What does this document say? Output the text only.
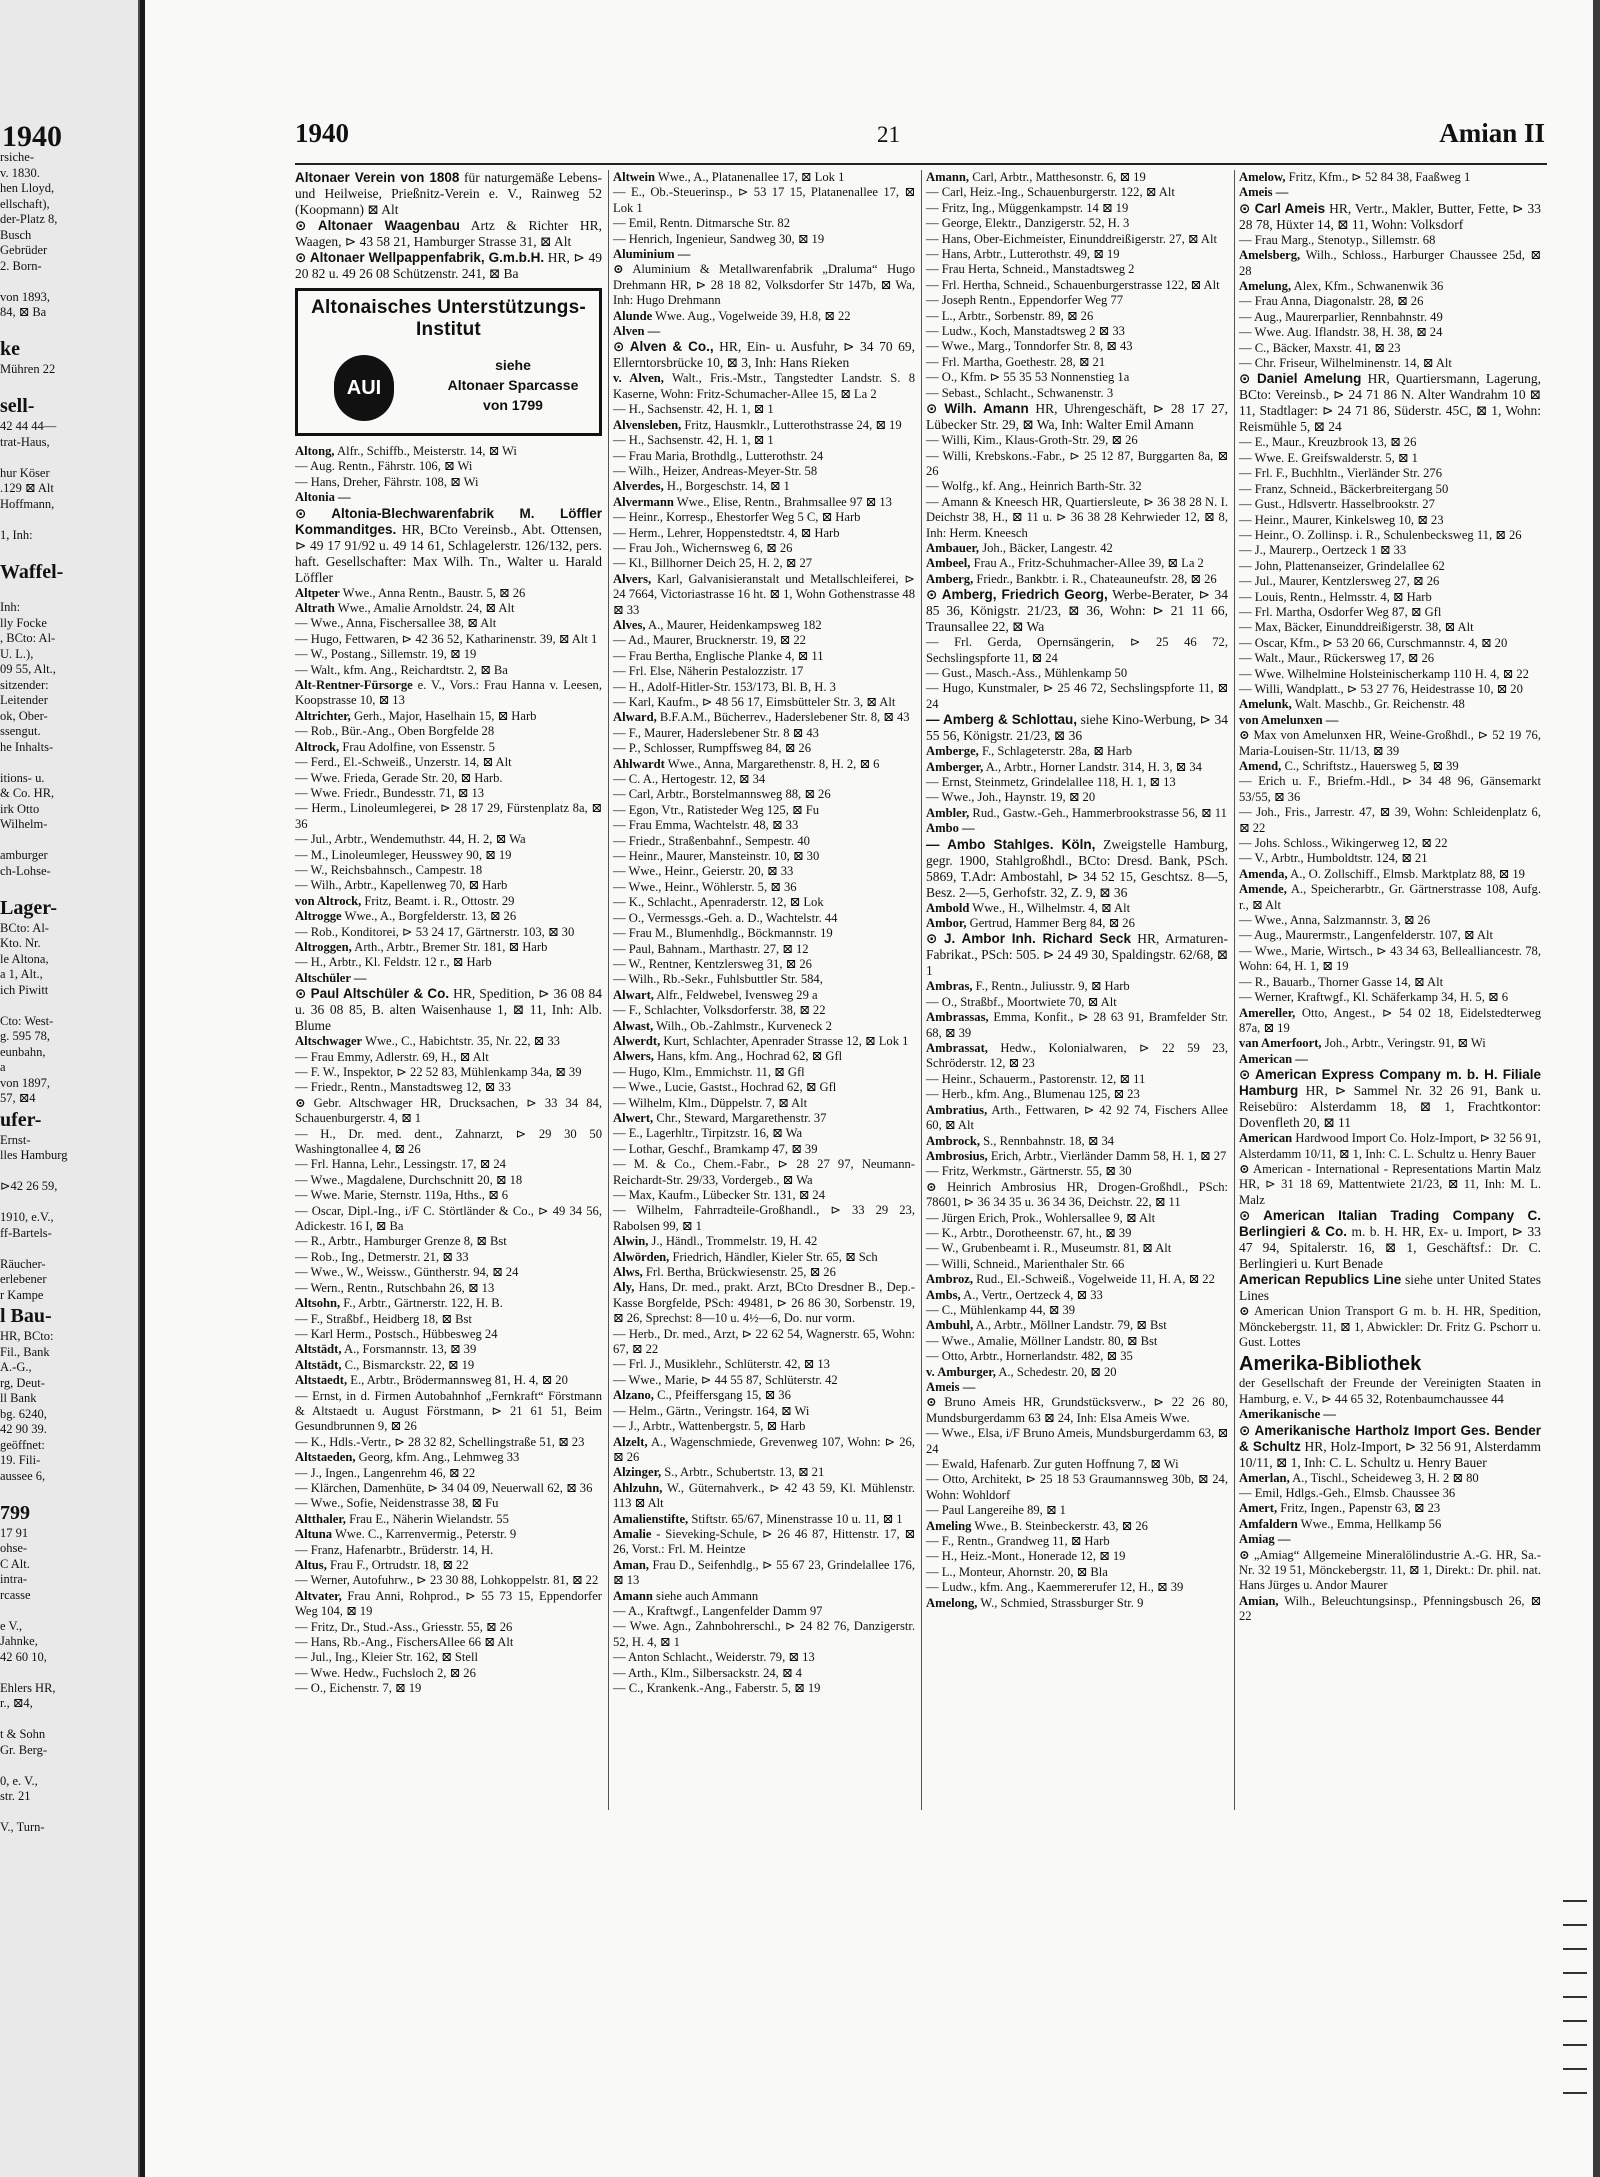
1940
rsiche-
v. 1830.
hen Lloyd,
ellschaft),
der-Platz 8,
Busch
Gebrüder
2. Born-

von 1893,
84, ⊠ Ba

ke
Mühren 22

sell-
42 44 44—
trat-Haus,

hur Köser
.129 ⊠ Alt
Hoffmann,

1, Inh:

Waffel-

Inh:
lly Focke
, BCto: Al-
U. L.),
09 55, Alt.,
sitzender:
Leitender
ok, Ober-
ssengut.
he Inhalts-

itions- u.
& Co. HR,
irk Otto
Wilhelm-

amburger
ch-Lohse-

Lager-
BCto: Al-
Kto. Nr.
le Altona,
a 1, Alt.,
ich Piwitt

Cto: West-
g. 595 78,
eunbahn,
a
von 1897,
57, ⊠4
ufer-
Ernst-
lles Hamburg

⊳42 26 59,

1910, e.V.,
ff-Bartels-

Räucher-
erlebener
r Kampe
l Bau-
HR, BCto:
Fil., Bank
A.-G.,
rg, Deut-
ll Bank
bg. 6240,
42 90 39.
geöffnet:
19. Fili-
aussee 6,

799
17 91
ohse-
C Alt.
intra-
rcasse

e V.,
Jahnke,
42 60 10,

Ehlers HR,
r., ⊠4,

t & Sohn
Gr. Berg-

0, e. V.,
str. 21

V., Turn-
1940	21	Amian II
Altonaer Verein von 1808 für naturgemäße Lebens- und Heilweise, Prießnitz-Verein e. V., Rainweg 52 (Koopmann) ⊠ Alt
⊙ Altonaer Waagenbau Artz & Richter HR, Waagen, ⊳ 43 58 21, Hamburger Strasse 31, ⊠ Alt
⊙ Altonaer Wellpappenfabrik, G.m.b.H. HR, ⊳ 49 20 82 u. 49 26 08 Schützenstr. 241, ⊠ Ba
Altonaisches Unterstützungs-Institut
AUI
siehe
Altonaer Sparcasse
von 1799
Altong, Alfr., Schiffb., Meisterstr. 14, ⊠ Wi
— Aug. Rentn., Fährstr. 106, ⊠ Wi
— Hans, Dreher, Fährstr. 108, ⊠ Wi
Altonia —
⊙ Altonia-Blechwarenfabrik M. Löffler Kommanditges. HR, BCto Vereinsb., Abt. Ottensen, ⊳ 49 17 91/92 u. 49 14 61, Schlagelerstr. 126/132, pers. haft. Gesellschafter: Max Wilh. Tn., Walter u. Harald Löffler
Altpeter Wwe., Anna Rentn., Baustr. 5, ⊠ 26
Altrath Wwe., Amalie Arnoldstr. 24, ⊠ Alt
— Wwe., Anna, Fischersallee 38, ⊠ Alt
— Hugo, Fettwaren, ⊳ 42 36 52, Katharinenstr. 39, ⊠ Alt 1
— W., Postang., Sillemstr. 19, ⊠ 19
— Walt., kfm. Ang., Reichardtstr. 2, ⊠ Ba
Alt-Rentner-Fürsorge e. V., Vors.: Frau Hanna v. Leesen, Koopstrasse 10, ⊠ 13
Altrichter, Gerh., Major, Haselhain 15, ⊠ Harb
— Rob., Bür.-Ang., Oben Borgfelde 28
Altrock, Frau Adolfine, von Essenstr. 5
— Ferd., El.-Schweiß., Unzerstr. 14, ⊠ Alt
— Wwe. Frieda, Gerade Str. 20, ⊠ Harb.
— Wwe. Friedr., Bundesstr. 71, ⊠ 13
— Herm., Linoleumlegerei, ⊳ 28 17 29, Fürstenplatz 8a, ⊠ 36
— Jul., Arbtr., Wendemuthstr. 44, H. 2, ⊠ Wa
— M., Linoleumleger, Heusswey 90, ⊠ 19
— W., Reichsbahnsch., Campestr. 18
— Wilh., Arbtr., Kapellenweg 70, ⊠ Harb
von Altrock, Fritz, Beamt. i. R., Ottostr. 29
Altrogge Wwe., A., Borgfelderstr. 13, ⊠ 26
— Rob., Konditorei, ⊳ 53 24 17, Gärtnerstr. 103, ⊠ 30
Altroggen, Arth., Arbtr., Bremer Str. 181, ⊠ Harb
— H., Arbtr., Kl. Feldstr. 12 r., ⊠ Harb
Altschüler —
⊙ Paul Altschüler & Co. HR, Spedition, ⊳ 36 08 84 u. 36 08 85, B. alten Waisenhause 1, ⊠ 11, Inh: Alb. Blume
Altschwager Wwe., C., Habichtstr. 35, Nr. 22, ⊠ 33
— Frau Emmy, Adlerstr. 69, H., ⊠ Alt
— F. W., Inspektor, ⊳ 22 52 83, Mühlenkamp 34a, ⊠ 39
— Friedr., Rentn., Manstadtsweg 12, ⊠ 33
⊙ Gebr. Altschwager HR, Drucksachen, ⊳ 33 34 84, Schauenburgerstr. 4, ⊠ 1
— H., Dr. med. dent., Zahnarzt, ⊳ 29 30 50 Washingtonallee 4, ⊠ 26
— Frl. Hanna, Lehr., Lessingstr. 17, ⊠ 24
— Wwe., Magdalene, Durchschnitt 20, ⊠ 18
— Wwe. Marie, Sternstr. 119a, Hths., ⊠ 6
— Oscar, Dipl.-Ing., i/F C. Störtländer & Co., ⊳ 49 34 56, Adickestr. 16 I, ⊠ Ba
— R., Arbtr., Hamburger Grenze 8, ⊠ Bst
— Rob., Ing., Detmerstr. 21, ⊠ 33
— Wwe., W., Weissw., Güntherstr. 94, ⊠ 24
— Wern., Rentn., Rutschbahn 26, ⊠ 13
Altsohn, F., Arbtr., Gärtnerstr. 122, H. B.
— F., Straßbf., Heidberg 18, ⊠ Bst
— Karl Herm., Postsch., Hübbesweg 24
Altstädt, A., Forsmannstr. 13, ⊠ 39
Altstädt, C., Bismarckstr. 22, ⊠ 19
Altstaedt, E., Arbtr., Brödermannsweg 81, H. 4, ⊠ 20
— Ernst, in d. Firmen Autobahnhof „Fernkraft“ Förstmann & Altstaedt u. August Förstmann, ⊳ 21 61 51, Beim Gesundbrunnen 9, ⊠ 26
— K., Hdls.-Vertr., ⊳ 28 32 82, Schellingstraße 51, ⊠ 23
Altstaeden, Georg, kfm. Ang., Lehmweg 33
— J., Ingen., Langenrehm 46, ⊠ 22
— Klärchen, Damenhüte, ⊳ 34 04 09, Neuerwall 62, ⊠ 36
— Wwe., Sofie, Neidenstrasse 38, ⊠ Fu
Altthaler, Frau E., Näherin Wielandstr. 55
Altuna Wwe. C., Karrenvermig., Peterstr. 9
— Franz, Hafenarbtr., Brüderstr. 14, H.
Altus, Frau F., Ortrudstr. 18, ⊠ 22
— Werner, Autofuhrw., ⊳ 23 30 88, Lohkoppelstr. 81, ⊠ 22
Altvater, Frau Anni, Rohprod., ⊳ 55 73 15, Eppendorfer Weg 104, ⊠ 19
— Fritz, Dr., Stud.-Ass., Griesstr. 55, ⊠ 26
— Hans, Rb.-Ang., FischersAllee 66 ⊠ Alt
— Jul., Ing., Kleier Str. 162, ⊠ Stell
— Wwe. Hedw., Fuchsloch 2, ⊠ 26
— O., Eichenstr. 7, ⊠ 19
Altwein Wwe., A., Platanenallee 17, ⊠ Lok 1
— E., Ob.-Steuerinsp., ⊳ 53 17 15, Platanenallee 17, ⊠ Lok 1
— Emil, Rentn. Ditmarsche Str. 82
— Henrich, Ingenieur, Sandweg 30, ⊠ 19
Aluminium —
⊙ Aluminium & Metallwarenfabrik „Dralumа“ Hugo Drehmann HR, ⊳ 28 18 82, Volksdorfer Str 147b, ⊠ Wa, Inh: Hugo Drehmann
Alunde Wwe. Aug., Vogelweide 39, H.8, ⊠ 22
Alven —
⊙ Alven & Co., HR, Ein- u. Ausfuhr, ⊳ 34 70 69, Ellerntorsbrücke 10, ⊠ 3, Inh: Hans Rieken
v. Alven, Walt., Fris.-Mstr., Tangstedter Landstr. S. 8 Kaserne, Wohn: Fritz-Schumacher-Allee 15, ⊠ La 2
— H., Sachsenstr. 42, H. 1, ⊠ 1
Alvensleben, Fritz, Hausmklr., Lutterothstrasse 24, ⊠ 19
— H., Sachsenstr. 42, H. 1, ⊠ 1
— Frau Maria, Brothdlg., Lutterothstr. 24
— Wilh., Heizer, Andreas-Meyer-Str. 58
Alverdes, H., Borgeschstr. 14, ⊠ 1
Alvermann Wwe., Elise, Rentn., Brahmsallee 97 ⊠ 13
— Heinr., Korresp., Ehestorfer Weg 5 C, ⊠ Harb
— Herm., Lehrer, Hoppenstedtstr. 4, ⊠ Harb
— Frau Joh., Wichernsweg 6, ⊠ 26
— Kl., Billhorner Deich 25, H. 2, ⊠ 27
Alvers, Karl, Galvanisieranstalt und Metallschleiferei, ⊳ 24 7664, Victoriastrasse 16 ht. ⊠ 1, Wohn Gothenstrasse 48 ⊠ 33
Alves, A., Maurer, Heidenkampsweg 182
— Ad., Maurer, Brucknerstr. 19, ⊠ 22
— Frau Bertha, Englische Planke 4, ⊠ 11
— Frl. Else, Näherin Pestalozzistr. 17
— H., Adolf-Hitler-Str. 153/173, Bl. B, H. 3
— Karl, Kaufm., ⊳ 48 56 17, Eimsbütteler Str. 3, ⊠ Alt
Alward, B.F.A.M., Bücherrev., Haderslebener Str. 8, ⊠ 43
— F., Maurer, Haderslebener Str. 8 ⊠ 43
— P., Schlosser, Rumpffsweg 84, ⊠ 26
Ahlwardt Wwe., Anna, Margarethenstr. 8, H. 2, ⊠ 6
— C. A., Hertogestr. 12, ⊠ 34
— Carl, Arbtr., Borstelmannsweg 88, ⊠ 26
— Egon, Vtr., Ratisteder Weg 125, ⊠ Fu
— Frau Emma, Wachtelstr. 48, ⊠ 33
— Friedr., Straßenbahnf., Sempestr. 40
— Heinr., Maurer, Mansteinstr. 10, ⊠ 30
— Wwe., Heinr., Geierstr. 20, ⊠ 33
— Wwe., Heinr., Wöhlerstr. 5, ⊠ 36
— K., Schlacht., Apenraderstr. 12, ⊠ Lok
— O., Vermessgs.-Geh. a. D., Wachtelstr. 44
— Frau M., Blumenhdlg., Böckmannstr. 19
— Paul, Bahnam., Marthastr. 27, ⊠ 12
— W., Rentner, Kentzlersweg 31, ⊠ 26
— Wilh., Rb.-Sekr., Fuhlsbuttler Str. 584,
Alwart, Alfr., Feldwebel, Ivensweg 29 a
— F., Schlachter, Volksdorferstr. 38, ⊠ 22
Alwast, Wilh., Ob.-Zahlmstr., Kurveneck 2
Alwerdt, Kurt, Schlachter, Apenrader Strasse 12, ⊠ Lok 1
Alwers, Hans, kfm. Ang., Hochrad 62, ⊠ Gfl
— Hugo, Klm., Emmichstr. 11, ⊠ Gfl
— Wwe., Lucie, Gastst., Hochrad 62, ⊠ Gfl
— Wilhelm, Klm., Düppelstr. 7, ⊠ Alt
Alwert, Chr., Steward, Margarethenstr. 37
— E., Lagerhltr., Tirpitzstr. 16, ⊠ Wa
— Lothar, Geschf., Bramkamp 47, ⊠ 39
— M. & Co., Chem.-Fabr., ⊳ 28 27 97, Neumann-Reichardt-Str. 29/33, Vordergeb., ⊠ Wa
— Max, Kaufm., Lübecker Str. 131, ⊠ 24
— Wilhelm, Fahrradteile-Großhandl., ⊳ 33 29 23, Rabolsen 99, ⊠ 1
Alwin, J., Händl., Trommelstr. 19, H. 42
Alwörden, Friedrich, Händler, Kieler Str. 65, ⊠ Sch
Alws, Frl. Bertha, Brückwiesenstr. 25, ⊠ 26
Aly, Hans, Dr. med., prakt. Arzt, BCto Dresdner B., Dep.-Kasse Borgfelde, PSch: 49481, ⊳ 26 86 30, Sorbenstr. 19, ⊠ 26, Sprechst: 8—10 u. 4½—6, Do. nur vorm.
— Herb., Dr. med., Arzt, ⊳ 22 62 54, Wagnerstr. 65, Wohn: 67, ⊠ 22
— Frl. J., Musiklehr., Schlüterstr. 42, ⊠ 13
— Wwe., Marie, ⊳ 44 55 87, Schlüterstr. 42
Alzano, C., Pfeiffersgang 15, ⊠ 36
— Helm., Gärtn., Veringstr. 164, ⊠ Wi
— J., Arbtr., Wattenbergstr. 5, ⊠ Harb
Alzelt, A., Wagenschmiede, Grevenweg 107, Wohn: ⊳ 26, ⊠ 26
Alzinger, S., Arbtr., Schubertstr. 13, ⊠ 21
Ahlzuhn, W., Güternahverk., ⊳ 42 43 59, Kl. Mühlenstr. 113 ⊠ Alt
Amalienstifte, Stiftstr. 65/67, Minenstrasse 10 u. 11, ⊠ 1
Amalie - Sieveking-Schule, ⊳ 26 46 87, Hittenstr. 17, ⊠ 26, Vorst.: Frl. M. Heintze
Aman, Frau D., Seifenhdlg., ⊳ 55 67 23, Grindelallee 176, ⊠ 13
Amann siehe auch Ammann
— A., Kraftwgf., Langenfelder Damm 97
— Wwe. Agn., Zahnbohrerschl., ⊳ 24 82 76, Danzigerstr. 52, H. 4, ⊠ 1
— Anton Schlacht., Weiderstr. 79, ⊠ 13
— Arth., Klm., Silbersackstr. 24, ⊠ 4
— C., Krankenk.-Ang., Faberstr. 5, ⊠ 19
Amann, Carl, Arbtr., Matthesonstr. 6, ⊠ 19
— Carl, Heiz.-Ing., Schauenburgerstr. 122, ⊠ Alt
— Fritz, Ing., Müggenkampstr. 14 ⊠ 19
— George, Elektr., Danzigerstr. 52, H. 3
— Hans, Ober-Eichmeister, Einunddreißigerstr. 27, ⊠ Alt
— Hans, Arbtr., Lutterothstr. 49, ⊠ 19
— Frau Herta, Schneid., Manstadtsweg 2
— Frl. Hertha, Schneid., Schauenburgerstrasse 122, ⊠ Alt
— Joseph Rentn., Eppendorfer Weg 77
— L., Arbtr., Sorbenstr. 89, ⊠ 26
— Ludw., Koch, Manstadtsweg 2 ⊠ 33
— Wwe., Marg., Tonndorfer Str. 8, ⊠ 43
— Frl. Martha, Goethestr. 28, ⊠ 21
— O., Kfm. ⊳ 55 35 53 Nonnenstieg 1a
— Sebast., Schlacht., Schwanenstr. 3
⊙ Wilh. Amann HR, Uhrengeschäft, ⊳ 28 17 27, Lübecker Str. 29, ⊠ Wa, Inh: Walter Emil Amann
— Willi, Kim., Klaus-Groth-Str. 29, ⊠ 26
— Willi, Krebskons.-Fabr., ⊳ 25 12 87, Burggarten 8a, ⊠ 26
— Wolfg., kf. Ang., Heinrich Barth-Str. 32
— Amann & Kneesch HR, Quartiersleute, ⊳ 36 38 28 N. I. Deichstr 38, H., ⊠ 11 u. ⊳ 36 38 28 Kehrwieder 12, ⊠ 8, Inh: Herm. Kneesch
Ambauer, Joh., Bäcker, Langestr. 42
Ambeel, Frau A., Fritz-Schuhmacher-Allee 39, ⊠ La 2
Amberg, Friedr., Bankbtr. i. R., Chateauneufstr. 28, ⊠ 26
⊙ Amberg, Friedrich Georg, Werbe-Berater, ⊳ 34 85 36, Königstr. 21/23, ⊠ 36, Wohn: ⊳ 21 11 66, Traunsallee 22, ⊠ Wa
— Frl. Gerda, Opernsängerin, ⊳ 25 46 72, Sechslingspforte 11, ⊠ 24
— Gust., Masch.-Ass., Mühlenkamp 50
— Hugo, Kunstmaler, ⊳ 25 46 72, Sechslingspforte 11, ⊠ 24
— Amberg & Schlottau, siehe Kino-Werbung, ⊳ 34 55 56, Königstr. 21/23, ⊠ 36
Amberge, F., Schlageterstr. 28a, ⊠ Harb
Amberger, A., Arbtr., Horner Landstr. 314, H. 3, ⊠ 34
— Ernst, Steinmetz, Grindelallee 118, H. 1, ⊠ 13
— Wwe., Joh., Haynstr. 19, ⊠ 20
Ambler, Rud., Gastw.-Geh., Hammerbrookstrasse 56, ⊠ 11
Ambo —
— Ambo Stahlges. Köln, Zweigstelle Hamburg, gegr. 1900, Stahlgroßhdl., BCto: Dresd. Bank, PSch. 5869, T.Adr: Ambostahl, ⊳ 34 52 15, Geschtsz. 8—5, Besz. 2—5, Gerhofstr. 32, Z. 9, ⊠ 36
Ambold Wwe., H., Wilhelmstr. 4, ⊠ Alt
Ambor, Gertrud, Hammer Berg 84, ⊠ 26
⊙ J. Ambor Inh. Richard Seck HR, Armaturen-Fabrikat., PSch: 505. ⊳ 24 49 30, Spaldingstr. 62/68, ⊠ 1
Ambras, F., Rentn., Juliusstr. 9, ⊠ Harb
— O., Straßbf., Moortwiete 70, ⊠ Alt
Ambrassas, Emma, Konfit., ⊳ 28 63 91, Bramfelder Str. 68, ⊠ 39
Ambrassat, Hedw., Kolonialwaren, ⊳ 22 59 23, Schröderstr. 12, ⊠ 23
— Heinr., Schauerm., Pastorenstr. 12, ⊠ 11
— Herb., kfm. Ang., Blumenau 125, ⊠ 23
Ambratius, Arth., Fettwaren, ⊳ 42 92 74, Fischers Allee 60, ⊠ Alt
Ambrock, S., Rennbahnstr. 18, ⊠ 34
Ambrosius, Erich, Arbtr., Vierländer Damm 58, H. 1, ⊠ 27
— Fritz, Werkmstr., Gärtnerstr. 55, ⊠ 30
⊙ Heinrich Ambrosius HR, Drogen-Großhdl., PSch: 78601, ⊳ 36 34 35 u. 36 34 36, Deichstr. 22, ⊠ 11
— Jürgen Erich, Prok., Wohlersallee 9, ⊠ Alt
— K., Arbtr., Dorotheenstr. 67, ht., ⊠ 39
— W., Grubenbeamt i. R., Museumstr. 81, ⊠ Alt
— Willi, Schneid., Marienthaler Str. 66
Ambroz, Rud., El.-Schweiß., Vogelweide 11, H. A, ⊠ 22
Ambs, A., Vertr., Oertzeck 4, ⊠ 33
— C., Mühlenkamp 44, ⊠ 39
Ambuhl, A., Arbtr., Möllner Landstr. 79, ⊠ Bst
— Wwe., Amalie, Möllner Landstr. 80, ⊠ Bst
— Otto, Arbtr., Hornerlandstr. 482, ⊠ 35
v. Amburger, A., Schedestr. 20, ⊠ 20
Ameis —
⊙ Bruno Ameis HR, Grundstücksverw., ⊳ 22 26 80, Mundsburgerdamm 63 ⊠ 24, Inh: Elsa Ameis Wwe.
— Wwe., Elsa, i/F Bruno Ameis, Mundsburgerdamm 63, ⊠ 24
— Ewald, Hafenarb. Zur guten Hoffnung 7, ⊠ Wi
— Otto, Architekt, ⊳ 25 18 53 Graumannsweg 30b, ⊠ 24, Wohn: Wohldorf
— Paul Langereihe 89, ⊠ 1
Ameling Wwe., B. Steinbeckerstr. 43, ⊠ 26
— F., Rentn., Grandweg 11, ⊠ Harb
— H., Heiz.-Mont., Honerade 12, ⊠ 19
— L., Monteur, Ahornstr. 20, ⊠ Bla
— Ludw., kfm. Ang., Kaemmererufer 12, H., ⊠ 39
Amelong, W., Schmied, Strassburger Str. 9
Amelow, Fritz, Kfm., ⊳ 52 84 38, Faaßweg 1
Ameis —
⊙ Carl Ameis HR, Vertr., Makler, Butter, Fette, ⊳ 33 28 78, Hüxter 14, ⊠ 11, Wohn: Volksdorf
— Frau Marg., Stenotyp., Sillemstr. 68
Amelsberg, Wilh., Schloss., Harburger Chaussee 25d, ⊠ 28
Amelung, Alex, Kfm., Schwanenwik 36
— Frau Anna, Diagonalstr. 28, ⊠ 26
— Aug., Maurerparlier, Rennbahnstr. 49
— Wwe. Aug. Iflandstr. 38, H. 38, ⊠ 24
— C., Bäcker, Maxstr. 41, ⊠ 23
— Chr. Friseur, Wilhelminenstr. 14, ⊠ Alt
⊙ Daniel Amelung HR, Quartiersmann, Lagerung, BCto: Vereinsb., ⊳ 24 71 86 N. Alter Wandrahm 10 ⊠ 11, Stadtlager: ⊳ 24 71 86, Süderstr. 45C, ⊠ 1, Wohn: Reismühle 5, ⊠ 24
— E., Maur., Kreuzbrook 13, ⊠ 26
— Wwe. E. Greifswalderstr. 5, ⊠ 1
— Frl. F., Buchhltn., Vierländer Str. 276
— Franz, Schneid., Bäckerbreitergang 50
— Gust., Hdlsvertr. Hasselbrookstr. 27
— Heinr., Maurer, Kinkelsweg 10, ⊠ 23
— Heinr., O. Zollinsp. i. R., Schulenbecksweg 11, ⊠ 26
— J., Maurerp., Oertzeck 1 ⊠ 33
— John, Plattenanseizer, Grindelallee 62
— Jul., Maurer, Kentzlersweg 27, ⊠ 26
— Louis, Rentn., Helmsstr. 4, ⊠ Harb
— Frl. Martha, Osdorfer Weg 87, ⊠ Gfl
— Max, Bäcker, Einunddreißigerstr. 38, ⊠ Alt
— Oscar, Kfm., ⊳ 53 20 66, Curschmannstr. 4, ⊠ 20
— Walt., Maur., Rückersweg 17, ⊠ 26
— Wwe. Wilhelmine Holsteinischerkamp 110 H. 4, ⊠ 22
— Willi, Wandplatt., ⊳ 53 27 76, Heidestrasse 10, ⊠ 20
Amelunk, Walt. Maschb., Gr. Reichenstr. 48
von Amelunxen —
⊙ Max von Amelunxen HR, Weine-Großhdl., ⊳ 52 19 76, Maria-Louisen-Str. 11/13, ⊠ 39
Amend, C., Schriftstz., Hauersweg 5, ⊠ 39
— Erich u. F., Briefm.-Hdl., ⊳ 34 48 96, Gänsemarkt 53/55, ⊠ 36
— Joh., Fris., Jarrestr. 47, ⊠ 39, Wohn: Schleidenplatz 6, ⊠ 22
— Johs. Schloss., Wikingerweg 12, ⊠ 22
— V., Arbtr., Humboldtstr. 124, ⊠ 21
Amenda, A., O. Zollschiff., Elmsb. Marktplatz 88, ⊠ 19
Amende, A., Speicherarbtr., Gr. Gärtnerstrasse 108, Aufg. r., ⊠ Alt
— Wwe., Anna, Salzmannstr. 3, ⊠ 26
— Aug., Maurermstr., Langenfelderstr. 107, ⊠ Alt
— Wwe., Marie, Wirtsch., ⊳ 43 34 63, Bellealliancestr. 78, Wohn: 64, H. 1, ⊠ 19
— R., Bauarb., Thorner Gasse 14, ⊠ Alt
— Werner, Kraftwgf., Kl. Schäferkamp 34, H. 5, ⊠ 6
Amereller, Otto, Angest., ⊳ 54 02 18, Eidelstedterweg 87a, ⊠ 19
van Amerfoort, Joh., Arbtr., Veringstr. 91, ⊠ Wi
American —
⊙ American Express Company m. b. H. Filiale Hamburg HR, ⊳ Sammel Nr. 32 26 91, Bank u. Reisebüro: Alsterdamm 18, ⊠ 1, Frachtkontor: Dovenfleth 20, ⊠ 11
American Hardwood Import Co. Holz-Import, ⊳ 32 56 91, Alsterdamm 10/11, ⊠ 1, Inh: C. L. Schultz u. Henry Bauer
⊙ American - International - Representations Martin Malz HR, ⊳ 31 18 69, Mattentwiete 21/23, ⊠ 11, Inh: M. L. Malz
⊙ American Italian Trading Company C. Berlingieri & Co. m. b. H. HR, Ex- u. Import, ⊳ 33 47 94, Spitalerstr. 16, ⊠ 1, Geschäftsf.: Dr. C. Berlingieri u. Kurt Benade
American Republics Line siehe unter United States Lines
⊙ American Union Transport G m. b. H. HR, Spedition, Mönckebergstr. 11, ⊠ 1, Abwickler: Dr. Fritz G. Pschorr u. Gust. Lottes
Amerika-Bibliothek
der Gesellschaft der Freunde der Vereinigten Staaten in Hamburg, e. V., ⊳ 44 65 32, Rotenbaumchaussee 44
Amerikanische —
⊙ Amerikanische Hartholz Import Ges. Bender & Schultz HR, Holz-Import, ⊳ 32 56 91, Alsterdamm 10/11, ⊠ 1, Inh: C. L. Schultz u. Henry Bauer
Amerlan, A., Tischl., Scheideweg 3, H. 2 ⊠ 80
— Emil, Hdlgs.-Geh., Elmsb. Chaussee 36
Amert, Fritz, Ingen., Papenstr 63, ⊠ 23
Amfaldern Wwe., Emma, Hellkamp 56
Amiag —
⊙ „Amiag“ Allgemeine Mineralölindustrie A.-G. HR, Sa.-Nr. 32 19 51, Mönckebergstr. 11, ⊠ 1, Direkt.: Dr. phil. nat. Hans Jürges u. Andor Maurer
Amian, Wilh., Beleuchtungsinsp., Pfenningsbusch 26, ⊠ 22
